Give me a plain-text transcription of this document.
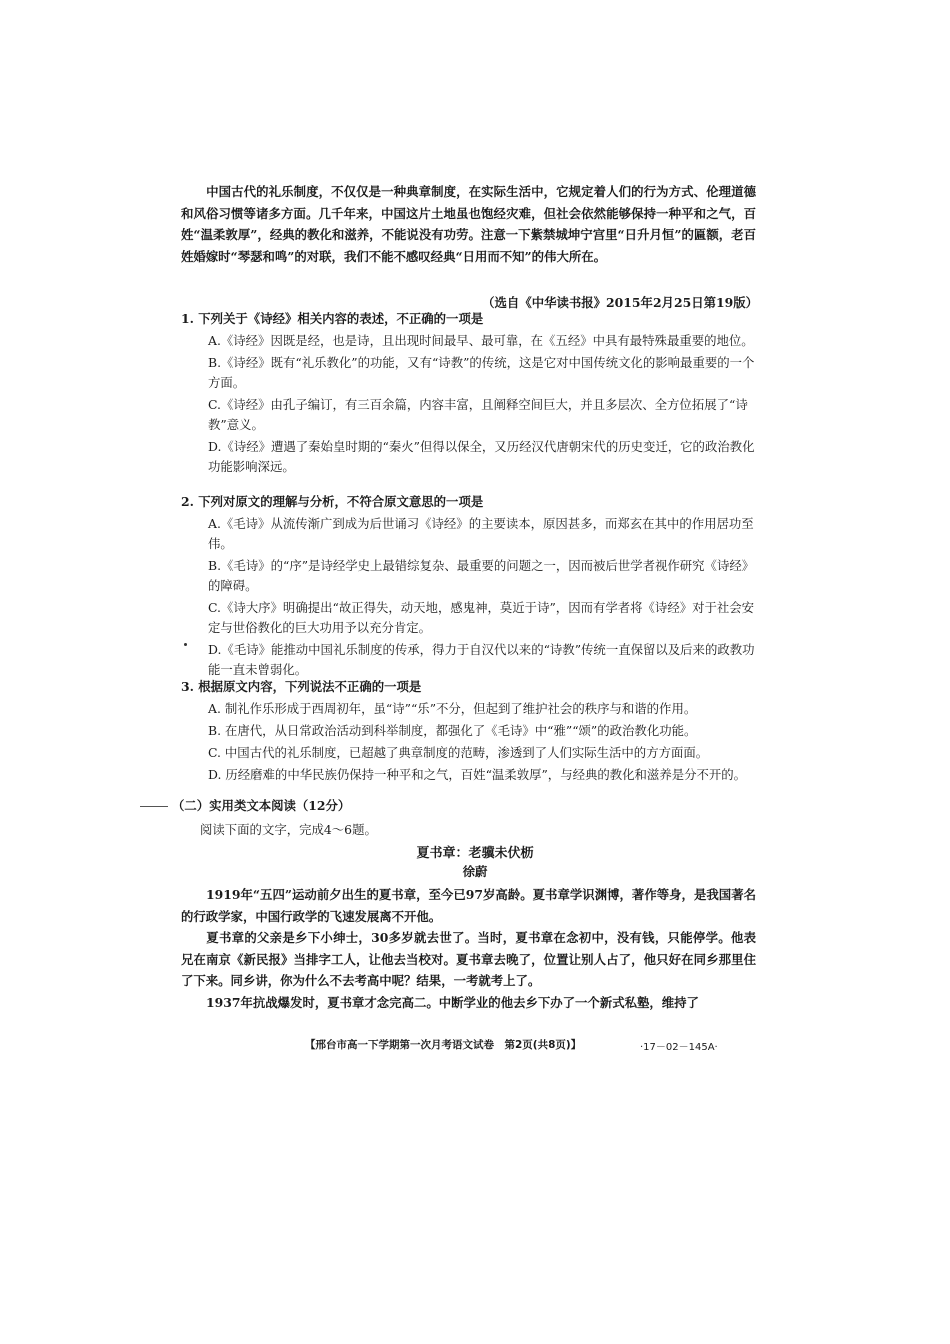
中国古代的礼乐制度，不仅仅是一种典章制度，在实际生活中，它规定着人们的行为方式、伦理道德和风俗习惯等诸多方面。几千年来，中国这片土地虽也饱经灾难，但社会依然能够保持一种平和之气，百姓“温柔敦厚”，经典的教化和滋养，不能说没有功劳。注意一下紫禁城坤宁宫里“日升月恒”的匾额，老百姓婚嫁时“琴瑟和鸣”的对联，我们不能不感叹经典“日用而不知”的伟大所在。
（选自《中华读书报》2015年2月25日第19版）
1. 下列关于《诗经》相关内容的表述，不正确的一项是
A.《诗经》因既是经，也是诗，且出现时间最早、最可靠，在《五经》中具有最特殊最重要的地位。
B.《诗经》既有“礼乐教化”的功能，又有“诗教”的传统，这是它对中国传统文化的影响最重要的一个方面。
C.《诗经》由孔子编订，有三百余篇，内容丰富，且阐释空间巨大，并且多层次、全方位拓展了“诗教”意义。
D.《诗经》遭遇了秦始皇时期的“秦火”但得以保全，又历经汉代唐朝宋代的历史变迁，它的政治教化功能影响深远。
2. 下列对原文的理解与分析，不符合原文意思的一项是
A.《毛诗》从流传渐广到成为后世诵习《诗经》的主要读本，原因甚多，而郑玄在其中的作用居功至伟。
B.《毛诗》的“序”是诗经学史上最错综复杂、最重要的问题之一，因而被后世学者视作研究《诗经》的障碍。
C.《诗大序》明确提出“故正得失，动天地，感鬼神，莫近于诗”，因而有学者将《诗经》对于社会安定与世俗教化的巨大功用予以充分肯定。
D.《毛诗》能推动中国礼乐制度的传承，得力于自汉代以来的“诗教”传统一直保留以及后来的政教功能一直未曾弱化。
3. 根据原文内容，下列说法不正确的一项是
A. 制礼作乐形成于西周初年，虽“诗”“乐”不分，但起到了维护社会的秩序与和谐的作用。
B. 在唐代，从日常政治活动到科举制度，都强化了《毛诗》中“雅”“颂”的政治教化功能。
C. 中国古代的礼乐制度，已超越了典章制度的范畴，渗透到了人们实际生活中的方方面面。
D. 历经磨难的中华民族仍保持一种平和之气，百姓“温柔敦厚”，与经典的教化和滋养是分不开的。
（二）实用类文本阅读（12分）
阅读下面的文字，完成4～6题。
夏书章：老骥未伏枥
徐蔚
1919年“五四”运动前夕出生的夏书章，至今已97岁高龄。夏书章学识渊博，著作等身，是我国著名的行政学家，中国行政学的飞速发展离不开他。
夏书章的父亲是乡下小绅士，30多岁就去世了。当时，夏书章在念初中，没有钱，只能停学。他表兄在南京《新民报》当排字工人，让他去当校对。夏书章去晚了，位置让别人占了，他只好在同乡那里住了下来。同乡讲，你为什么不去考高中呢？结果，一考就考上了。
1937年抗战爆发时，夏书章才念完高二。中断学业的他去乡下办了一个新式私塾，维持了
【邢台市高一下学期第一次月考语文试卷　第2页(共8页)】	·17－02－145A·
